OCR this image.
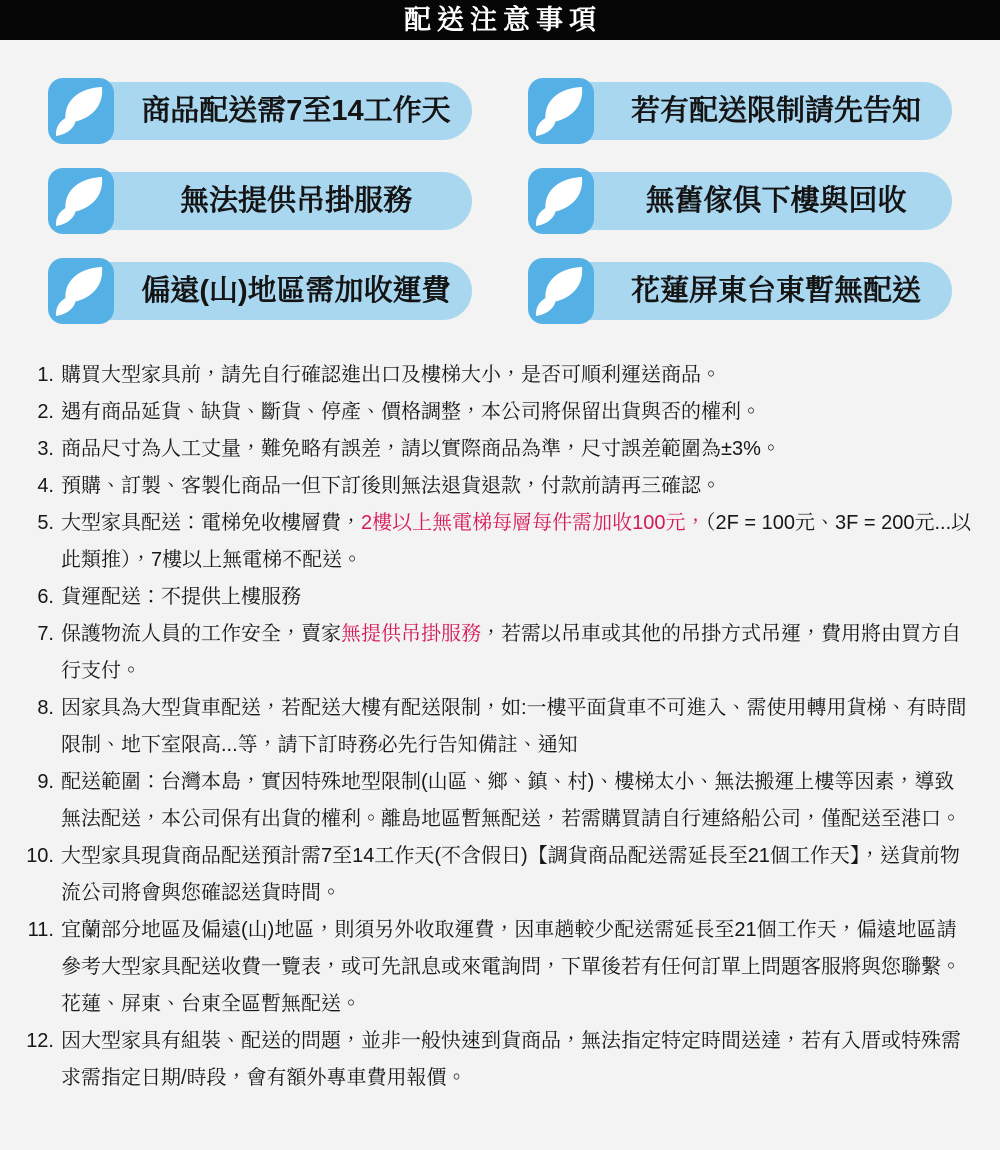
配送注意事項
商品配送需7至14工作天	若有配送限制請先告知
無法提供吊掛服務	無舊傢俱下樓與回收
偏遠(山)地區需加收運費	花蓮屏東台東暫無配送
1. 購買大型家具前，請先自行確認進出口及樓梯大小，是否可順利運送商品。
2. 遇有商品延貨、缺貨、斷貨、停產、價格調整，本公司將保留出貨與否的權利。
3. 商品尺寸為人工丈量，難免略有誤差，請以實際商品為準，尺寸誤差範圍為±3%。
4. 預購、訂製、客製化商品一但下訂後則無法退貨退款，付款前請再三確認。
5. 大型家具配送：電梯免收樓層費，2樓以上無電梯每層每件需加收100元，（2F = 100元、3F = 200元...以此類推），7樓以上無電梯不配送。
6. 貨運配送：不提供上樓服務
7. 保護物流人員的工作安全，賣家無提供吊掛服務，若需以吊車或其他的吊掛方式吊運，費用將由買方自行支付。
8. 因家具為大型貨車配送，若配送大樓有配送限制，如:一樓平面貨車不可進入、需使用轉用貨梯、有時間限制、地下室限高...等，請下訂時務必先行告知備註、通知
9. 配送範圍：台灣本島，實因特殊地型限制(山區、鄉、鎮、村)、樓梯太小、無法搬運上樓等因素，導致無法配送，本公司保有出貨的權利。離島地區暫無配送，若需購買請自行連絡船公司，僅配送至港口。
10. 大型家具現貨商品配送預計需7至14工作天(不含假日)【調貨商品配送需延長至21個工作天】，送貨前物流公司將會與您確認送貨時間。
11. 宜蘭部分地區及偏遠(山)地區，則須另外收取運費，因車趟較少配送需延長至21個工作天，偏遠地區請參考大型家具配送收費一覽表，或可先訊息或來電詢問，下單後若有任何訂單上問題客服將與您聯繫。花蓮、屏東、台東全區暫無配送。
12. 因大型家具有組裝、配送的問題，並非一般快速到貨商品，無法指定特定時間送達，若有入厝或特殊需求需指定日期/時段，會有額外專車費用報價。
